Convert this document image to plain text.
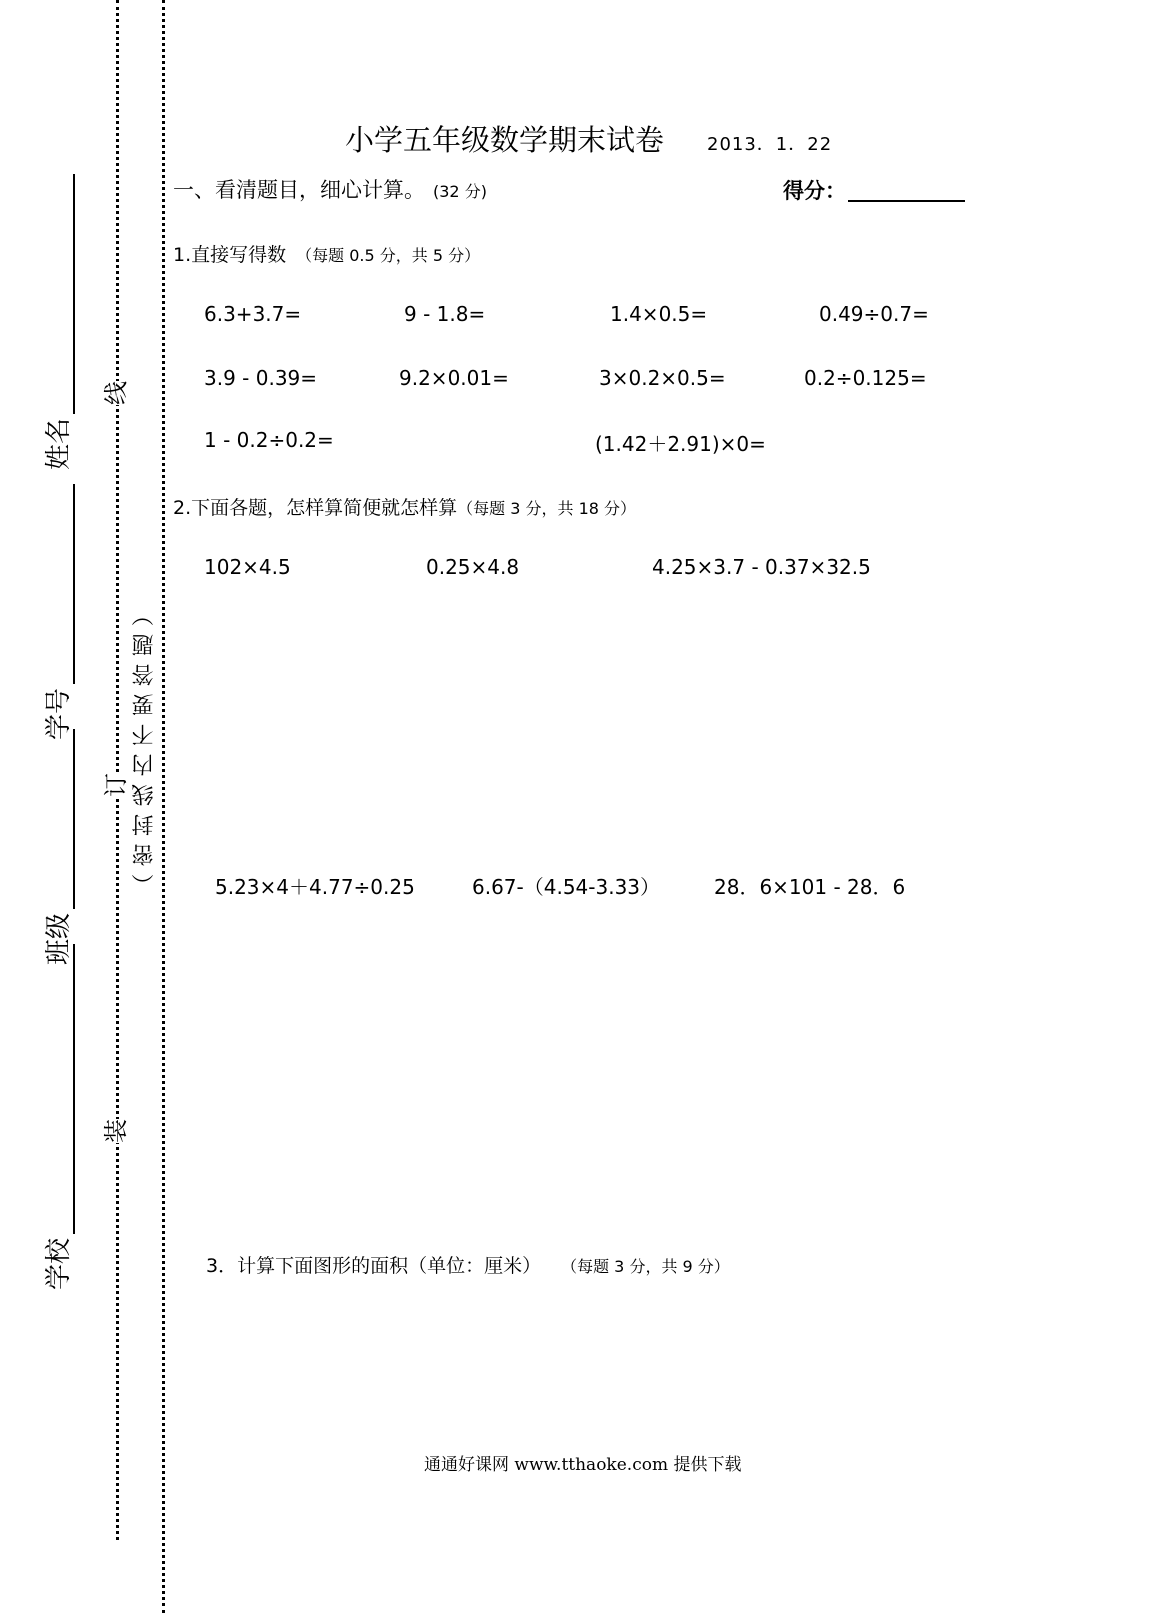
姓名
学号
班级
学校
线
订
装
（密封线内不要答题）
小学五年级数学期末试卷 2013．1．22
一、看清题目，细心计算。 (32 分)	得分：
1.直接写得数 （每题 0.5 分，共 5 分）
6.3+3.7=	9 - 1.8=	1.4×0.5=	0.49÷0.7=
3.9 - 0.39=	9.2×0.01=	3×0.2×0.5=	0.2÷0.125=
1 - 0.2÷0.2=	(1.42＋2.91)×0=
2.下面各题，怎样算简便就怎样算（每题 3 分，共 18 分）
102×4.5	0.25×4.8	4.25×3.7 - 0.37×32.5
5.23×4＋4.77÷0.25	6.67-（4.54-3.33）	28．6×101 - 28．6
3．计算下面图形的面积（单位：厘米） （每题 3 分，共 9 分）
通通好课网 www.tthaoke.com 提供下载
